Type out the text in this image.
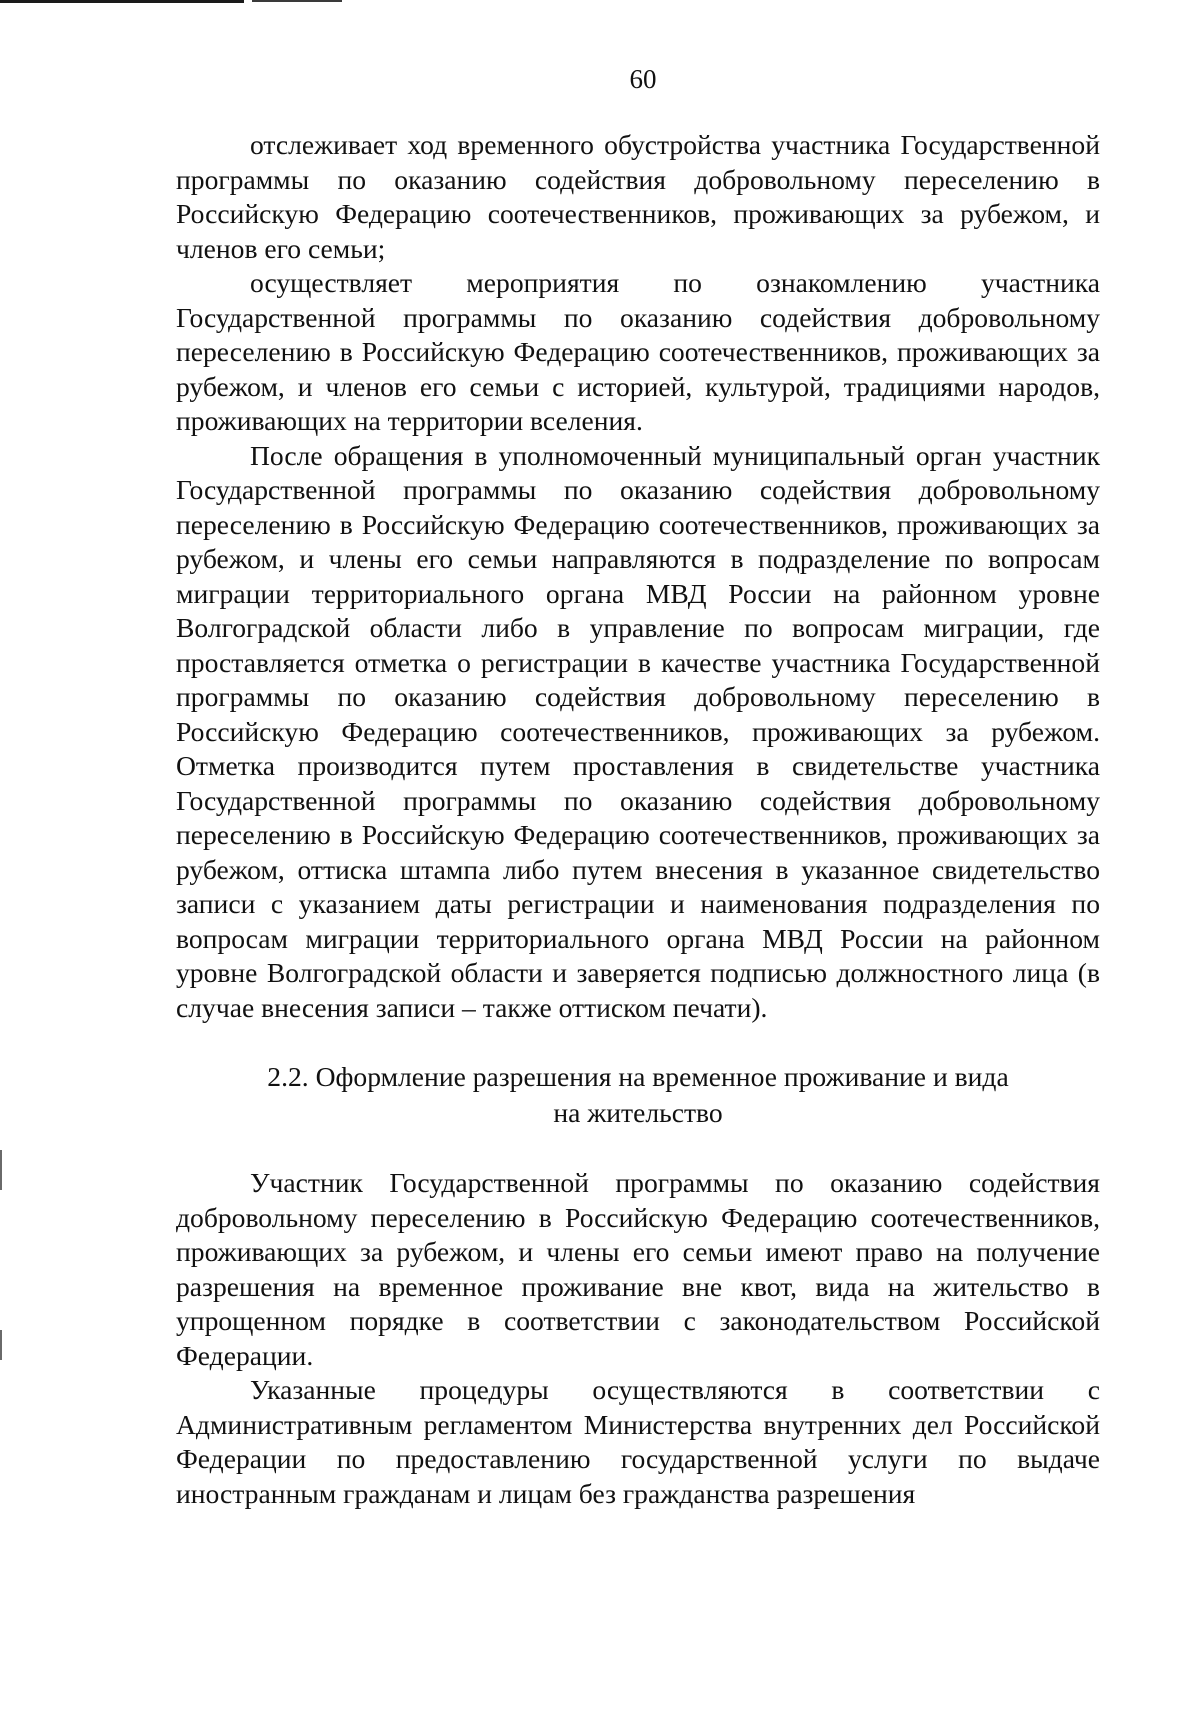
60

отслеживает ход временного обустройства участника Государственной программы по оказанию содействия добровольному переселению в Российскую Федерацию соотечественников, проживающих за рубежом, и членов его семьи;

осуществляет мероприятия по ознакомлению участника Государственной программы по оказанию содействия добровольному переселению в Российскую Федерацию соотечественников, проживающих за рубежом, и членов его семьи с историей, культурой, традициями народов, проживающих на территории вселения.

После обращения в уполномоченный муниципальный орган участник Государственной программы по оказанию содействия добровольному переселению в Российскую Федерацию соотечественников, проживающих за рубежом, и члены его семьи направляются в подразделение по вопросам миграции территориального органа МВД России на районном уровне Волгоградской области либо в управление по вопросам миграции, где проставляется отметка о регистрации в качестве участника Государственной программы по оказанию содействия добровольному переселению в Российскую Федерацию соотечественников, проживающих за рубежом. Отметка производится путем проставления в свидетельстве участника Государственной программы по оказанию содействия добровольному переселению в Российскую Федерацию соотечественников, проживающих за рубежом, оттиска штампа либо путем внесения в указанное свидетельство записи с указанием даты регистрации и наименования подразделения по вопросам миграции территориального органа МВД России на районном уровне Волгоградской области и заверяется подписью должностного лица (в случае внесения записи – также оттиском печати).

2.2. Оформление разрешения на временное проживание и вида
на жительство

Участник Государственной программы по оказанию содействия добровольному переселению в Российскую Федерацию соотечественников, проживающих за рубежом, и члены его семьи имеют право на получение разрешения на временное проживание вне квот, вида на жительство в упрощенном порядке в соответствии с законодательством Российской Федерации.

Указанные процедуры осуществляются в соответствии с Административным регламентом Министерства внутренних дел Российской Федерации по предоставлению государственной услуги по выдаче иностранным гражданам и лицам без гражданства разрешения
